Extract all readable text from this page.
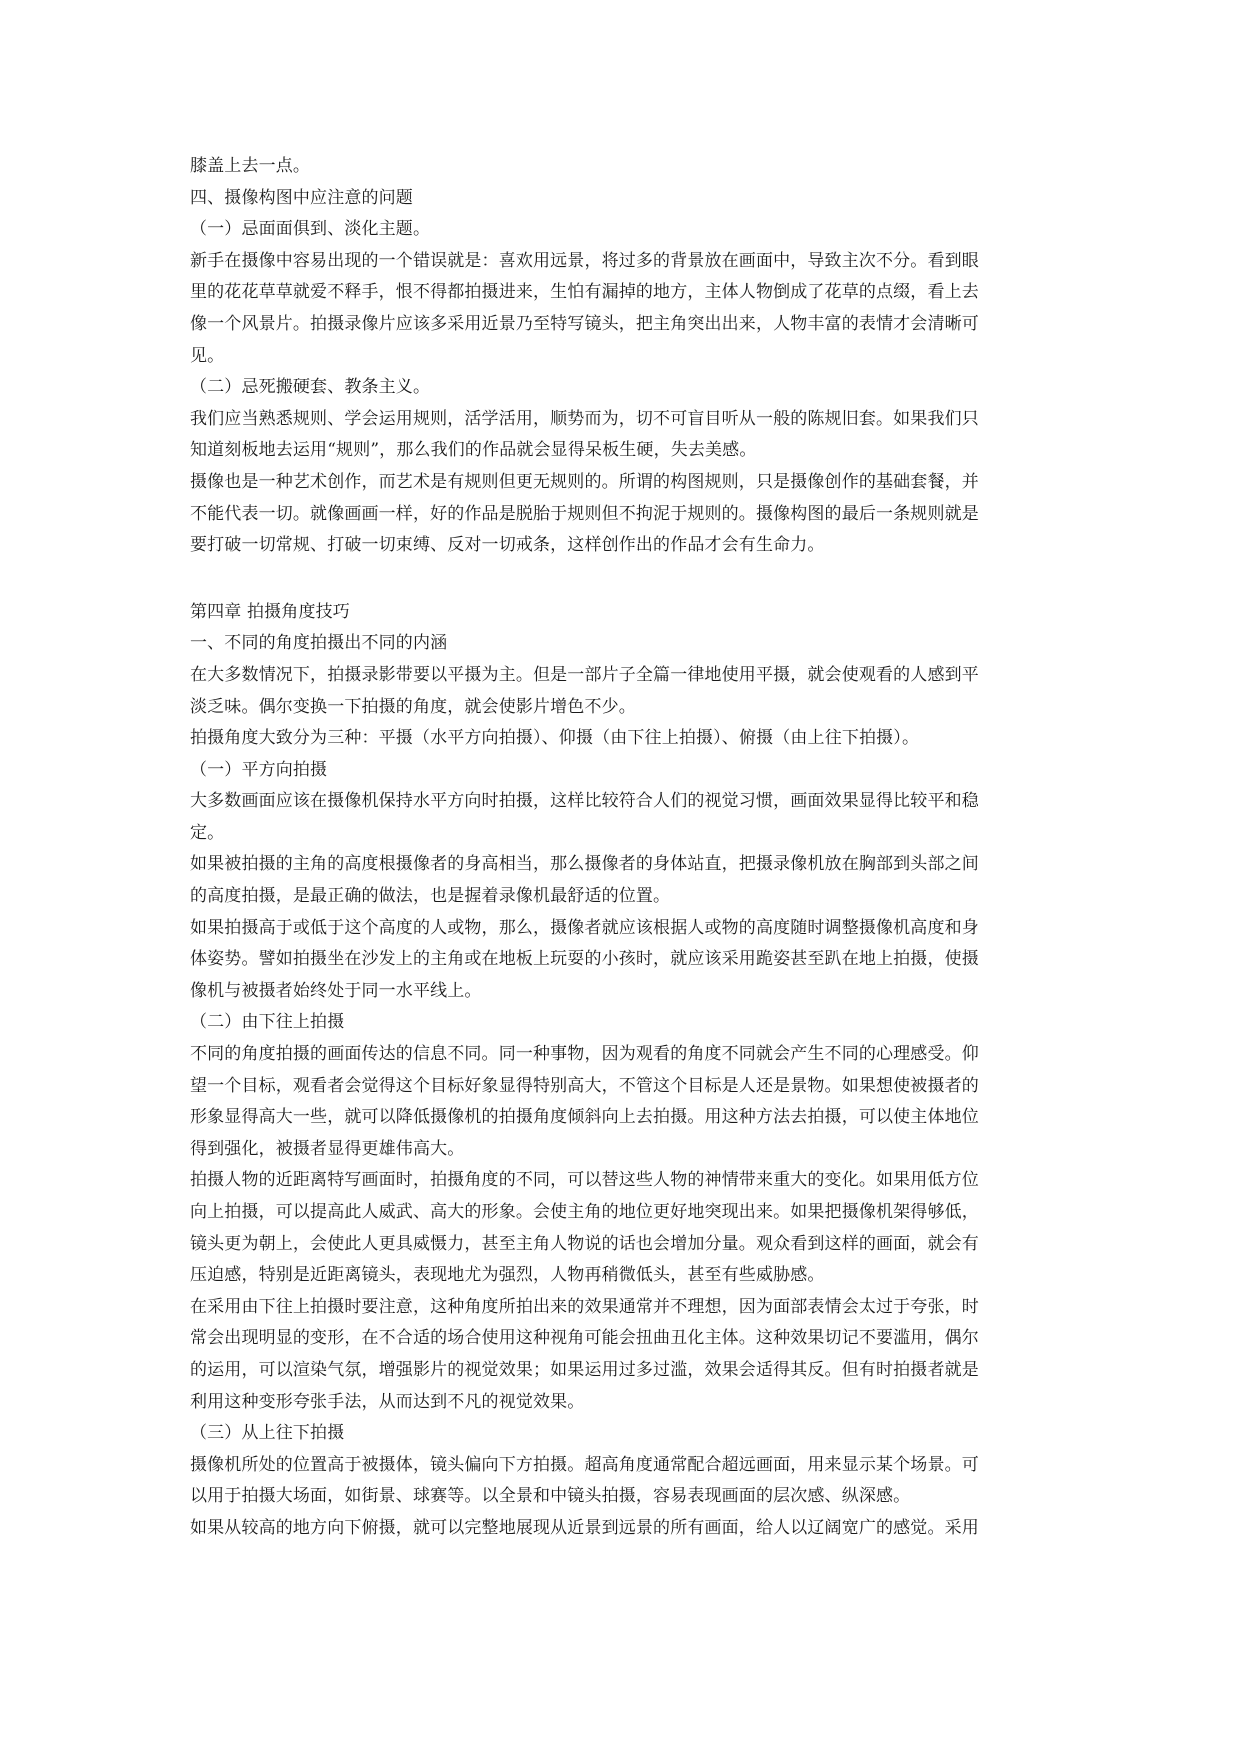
膝盖上去一点。
四、摄像构图中应注意的问题
（一）忌面面俱到、淡化主题。
新手在摄像中容易出现的一个错误就是：喜欢用远景，将过多的背景放在画面中，导致主次不分。看到眼
里的花花草草就爱不释手，恨不得都拍摄进来，生怕有漏掉的地方，主体人物倒成了花草的点缀，看上去
像一个风景片。拍摄录像片应该多采用近景乃至特写镜头，把主角突出出来，人物丰富的表情才会清晰可
见。
（二）忌死搬硬套、教条主义。
我们应当熟悉规则、学会运用规则，活学活用，顺势而为，切不可盲目听从一般的陈规旧套。如果我们只
知道刻板地去运用“规则”，那么我们的作品就会显得呆板生硬，失去美感。
摄像也是一种艺术创作，而艺术是有规则但更无规则的。所谓的构图规则，只是摄像创作的基础套餐，并
不能代表一切。就像画画一样，好的作品是脱胎于规则但不拘泥于规则的。摄像构图的最后一条规则就是
要打破一切常规、打破一切束缚、反对一切戒条，这样创作出的作品才会有生命力。
第四章 拍摄角度技巧
一、不同的角度拍摄出不同的内涵
在大多数情况下，拍摄录影带要以平摄为主。但是一部片子全篇一律地使用平摄，就会使观看的人感到平
淡乏味。偶尔变换一下拍摄的角度，就会使影片增色不少。
拍摄角度大致分为三种：平摄（水平方向拍摄）、仰摄（由下往上拍摄）、俯摄（由上往下拍摄）。
（一）平方向拍摄
大多数画面应该在摄像机保持水平方向时拍摄，这样比较符合人们的视觉习惯，画面效果显得比较平和稳
定。
如果被拍摄的主角的高度根摄像者的身高相当，那么摄像者的身体站直，把摄录像机放在胸部到头部之间
的高度拍摄，是最正确的做法，也是握着录像机最舒适的位置。
如果拍摄高于或低于这个高度的人或物，那么，摄像者就应该根据人或物的高度随时调整摄像机高度和身
体姿势。譬如拍摄坐在沙发上的主角或在地板上玩耍的小孩时，就应该采用跪姿甚至趴在地上拍摄，使摄
像机与被摄者始终处于同一水平线上。
（二）由下往上拍摄
不同的角度拍摄的画面传达的信息不同。同一种事物，因为观看的角度不同就会产生不同的心理感受。仰
望一个目标，观看者会觉得这个目标好象显得特别高大，不管这个目标是人还是景物。如果想使被摄者的
形象显得高大一些，就可以降低摄像机的拍摄角度倾斜向上去拍摄。用这种方法去拍摄，可以使主体地位
得到强化，被摄者显得更雄伟高大。
拍摄人物的近距离特写画面时，拍摄角度的不同，可以替这些人物的神情带来重大的变化。如果用低方位
向上拍摄，可以提高此人威武、高大的形象。会使主角的地位更好地突现出来。如果把摄像机架得够低，
镜头更为朝上，会使此人更具威慑力，甚至主角人物说的话也会增加分量。观众看到这样的画面，就会有
压迫感，特别是近距离镜头，表现地尤为强烈，人物再稍微低头，甚至有些威胁感。
在采用由下往上拍摄时要注意，这种角度所拍出来的效果通常并不理想，因为面部表情会太过于夸张，时
常会出现明显的变形，在不合适的场合使用这种视角可能会扭曲丑化主体。这种效果切记不要滥用，偶尔
的运用，可以渲染气氛，增强影片的视觉效果；如果运用过多过滥，效果会适得其反。但有时拍摄者就是
利用这种变形夸张手法，从而达到不凡的视觉效果。
（三）从上往下拍摄
摄像机所处的位置高于被摄体，镜头偏向下方拍摄。超高角度通常配合超远画面，用来显示某个场景。可
以用于拍摄大场面，如街景、球赛等。以全景和中镜头拍摄，容易表现画面的层次感、纵深感。
如果从较高的地方向下俯摄，就可以完整地展现从近景到远景的所有画面，给人以辽阔宽广的感觉。采用
